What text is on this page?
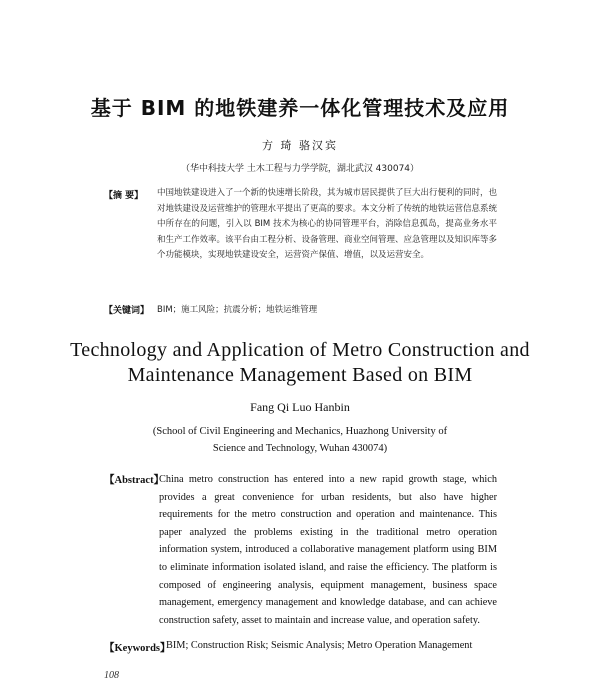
基于 BIM 的地铁建养一体化管理技术及应用
方 琦 骆汉宾
（华中科技大学 土木工程与力学学院，湖北武汉 430074）
【摘 要】 中国地铁建设进入了一个新的快速增长阶段，其为城市居民提供了巨大出行便利的同时，也对地铁建设及运营维护的管理水平提出了更高的要求。本文分析了传统的地铁运营信息系统中所存在的问题，引入以 BIM 技术为核心的协同管理平台，消除信息孤岛，提高业务水平和生产工作效率。该平台由工程分析、设备管理、商业空间管理、应急管理以及知识库等多个功能模块，实现地铁建设安全，运营资产保值、增值，以及运营安全。
【关键词】 BIM；施工风险；抗震分析；地铁运维管理
Technology and Application of Metro Construction and
Maintenance Management Based on BIM
Fang Qi Luo Hanbin
(School of Civil Engineering and Mechanics, Huazhong University of
Science and Technology, Wuhan 430074)
【Abstract】
China metro construction has entered into a new rapid growth stage, which provides a great convenience for urban residents, but also have higher requirements for the metro construction and operation and maintenance. This paper analyzed the problems existing in the traditional metro operation information system, introduced a collaborative management platform using BIM to eliminate information isolated island, and raise the efficiency. The platform is composed of engineering analysis, equipment management, business space management, emergency management and knowledge database, and can achieve construction safety, asset to maintain and increase value, and operation safety.
【Keywords】
BIM; Construction Risk; Seismic Analysis; Metro Operation Management
108
